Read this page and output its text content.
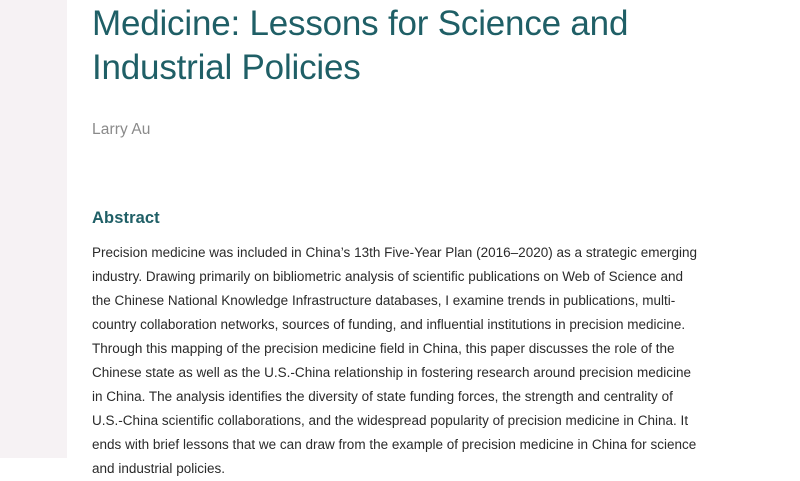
Medicine: Lessons for Science and Industrial Policies
Larry Au
Abstract

Precision medicine was included in China’s 13th Five-Year Plan (2016–2020) as a strategic emerging industry. Drawing primarily on bibliometric analysis of scientific publications on Web of Science and the Chinese National Knowledge Infrastructure databases, I examine trends in publications, multi-country collaboration networks, sources of funding, and influential institutions in precision medicine. Through this mapping of the precision medicine field in China, this paper discusses the role of the Chinese state as well as the U.S.-China relationship in fostering research around precision medicine in China. The analysis identifies the diversity of state funding forces, the strength and centrality of U.S.-China scientific collaborations, and the widespread popularity of precision medicine in China. It ends with brief lessons that we can draw from the example of precision medicine in China for science and industrial policies.
